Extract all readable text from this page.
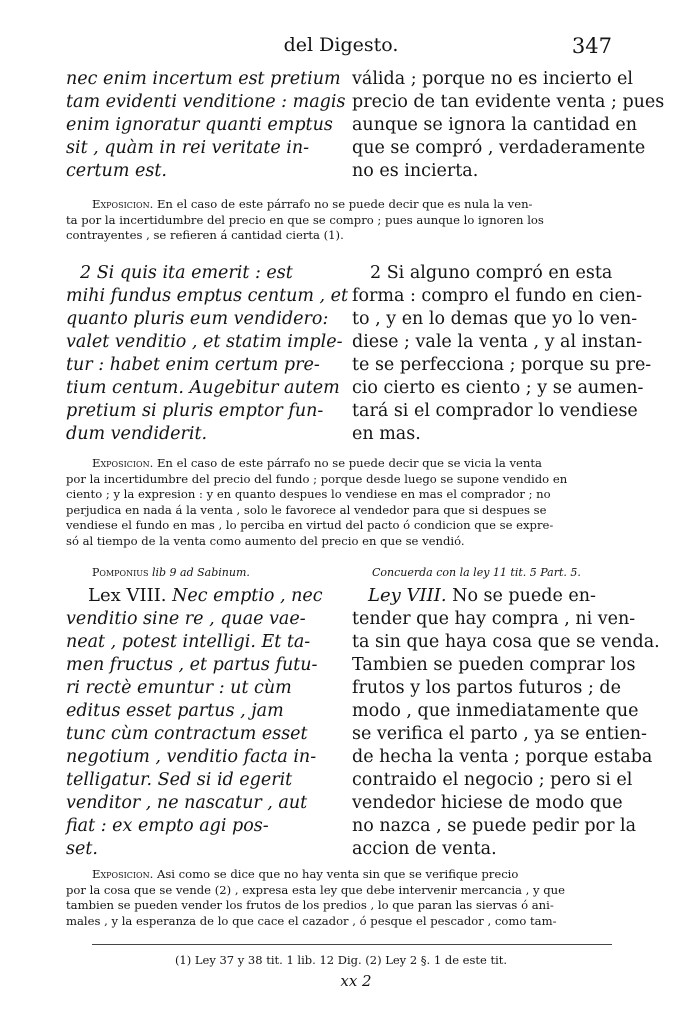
del Digesto.	347
nec enim incertum est pretium
tam evidenti venditione : magis
enim ignoratur quanti emptus
sit , quàm in rei veritate in-
certum est.
válida ; porque no es incierto el
precio de tan evidente venta ; pues
aunque se ignora la cantidad en
que se compró , verdaderamente
no es incierta.
Exposicion. En el caso de este párrafo no se puede decir que es nula la ven-
ta por la incertidumbre del precio en que se compro ; pues aunque lo ignoren los
contrayentes , se refieren á cantidad cierta (1).
2 Si quis ita emerit : est
mihi fundus emptus centum , et
quanto pluris eum vendidero:
valet venditio , et statim imple-
tur : habet enim certum pre-
tium centum. Augebitur autem
pretium si pluris emptor fun-
dum vendiderit.
2 Si alguno compró en esta
forma : compro el fundo en cien-
to , y en lo demas que yo lo ven-
diese ; vale la venta , y al instan-
te se perfecciona ; porque su pre-
cio cierto es ciento ; y se aumen-
tará si el comprador lo vendiese
en mas.
Exposicion. En el caso de este párrafo no se puede decir que se vicia la venta
por la incertidumbre del precio del fundo ; porque desde luego se supone vendido en
ciento ; y la expresion : y en quanto despues lo vendiese en mas el comprador ; no
perjudica en nada á la venta , solo le favorece al vendedor para que si despues se
vendiese el fundo en mas , lo perciba en virtud del pacto ó condicion que se expre-
só al tiempo de la venta como aumento del precio en que se vendió.
Pomponius lib 9 ad Sabinum.	Concuerda con la ley 11 tit. 5 Part. 5.
Lex VIII. Nec emptio , nec
venditio sine re , quae vae-
neat , potest intelligi. Et ta-
men fructus , et partus futu-
ri rectè emuntur : ut cùm
editus esset partus , jam
tunc cùm contractum esset
negotium , venditio facta in-
telligatur. Sed si id egerit
venditor , ne nascatur , aut
fiat : ex empto agi pos-
set.
Ley VIII. No se puede en-
tender que hay compra , ni ven-
ta sin que haya cosa que se venda.
Tambien se pueden comprar los
frutos y los partos futuros ; de
modo , que inmediatamente que
se verifica el parto , ya se entien-
de hecha la venta ; porque estaba
contraido el negocio ; pero si el
vendedor hiciese de modo que
no nazca , se puede pedir por la
accion de venta.
Exposicion. Asi como se dice que no hay venta sin que se verifique precio
por la cosa que se vende (2) , expresa esta ley que debe intervenir mercancia , y que
tambien se pueden vender los frutos de los predios , lo que paran las siervas ó ani-
males , y la esperanza de lo que cace el cazador , ó pesque el pescador , como tam-
(1) Ley 37 y 38 tit. 1 lib. 12 Dig. (2) Ley 2 §. 1 de este tit.
xx 2
